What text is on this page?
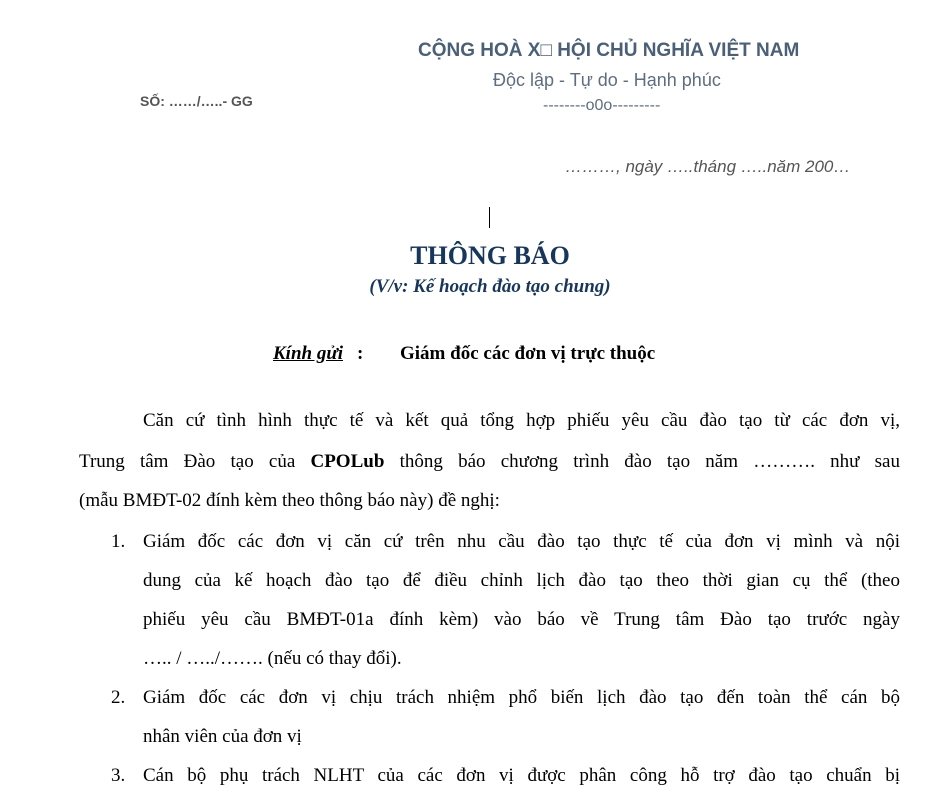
CỘNG HOÀ X□ HỘI CHỦ NGHĨA VIỆT NAM
Độc lập - Tự do - Hạnh phúc
--------o0o---------
SỐ: ……/…..- GG
………, ngày …..tháng …..năm 200…
THÔNG BÁO
(V/v: Kế hoạch đào tạo chung)
Kính gửi : Giám đốc các đơn vị trực thuộc
Căn cứ tình hình thực tế và kết quả tổng hợp phiếu yêu cầu đào tạo từ các đơn vị,
Trung tâm Đào tạo của CPOLub thông báo chương trình đào tạo năm ………. như sau
(mẫu BMĐT-02 đính kèm theo thông báo này) đề nghị:
1. Giám đốc các đơn vị căn cứ trên nhu cầu đào tạo thực tế của đơn vị mình và nội
dung của kế hoạch đào tạo để điều chỉnh lịch đào tạo theo thời gian cụ thể (theo
phiếu yêu cầu BMĐT-01a đính kèm) vào báo về Trung tâm Đào tạo trước ngày
….. / …../……. (nếu có thay đổi).
2. Giám đốc các đơn vị chịu trách nhiệm phổ biến lịch đào tạo đến toàn thể cán bộ
nhân viên của đơn vị
3. Cán bộ phụ trách NLHT của các đơn vị được phân công hỗ trợ đào tạo chuẩn bị
